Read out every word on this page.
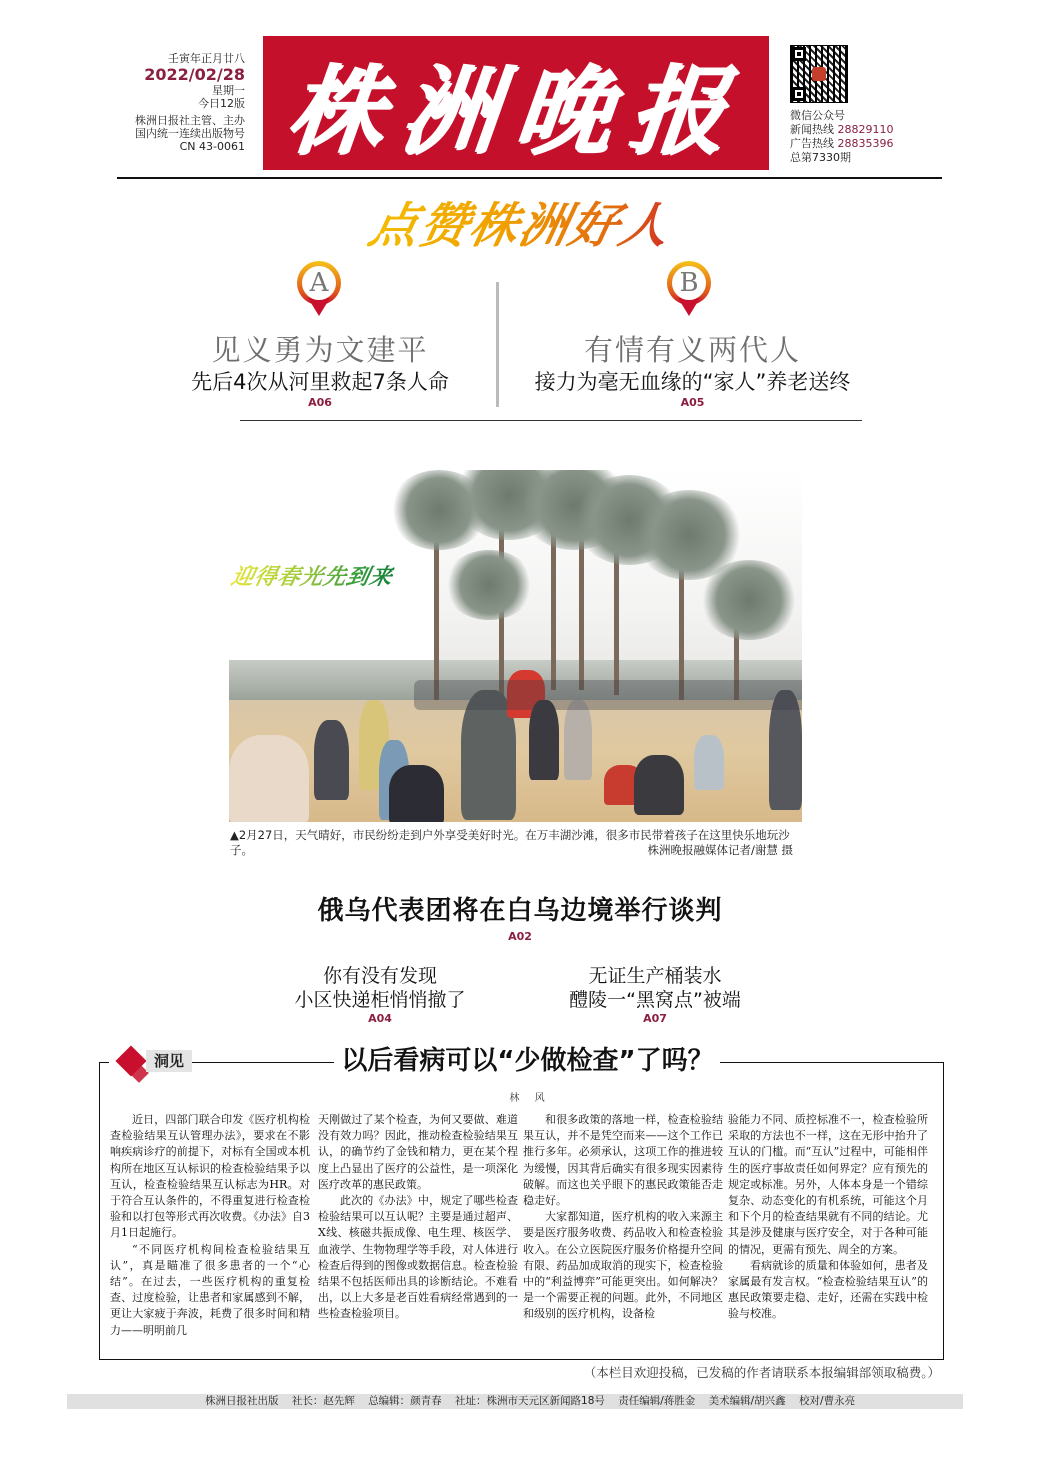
壬寅年正月廿八
2022/02/28
星期一
今日12版
株洲日报社主管、主办
国内统一连续出版物号
CN 43-0061 株洲晚报	微信公众号
新闻热线 28829110
广告热线 28835396
总第7330期
点赞株洲好人
A	B
见义勇为文建平
先后4次从河里救起7条人命
A06
有情有义两代人
接力为毫无血缘的“家人”养老送终
A05
迎得春光先到来
▲2月27日，天气晴好，市民纷纷走到户外享受美好时光。在万丰湖沙滩，很多市民带着孩子在这里快乐地玩沙子。	株洲晚报融媒体记者/谢慧 摄
俄乌代表团将在白乌边境举行谈判
A02
你有没有发现
小区快递柜悄悄撤了
A04
无证生产桶装水
醴陵一“黑窝点”被端
A07
洞见	以后看病可以“少做检查”了吗？
林 风

近日，四部门联合印发《医疗机构检查检验结果互认管理办法》，要求在不影响疾病诊疗的前提下，对标有全国或本机构所在地区互认标识的检查检验结果予以互认，检查检验结果互认标志为HR。对于符合互认条件的，不得重复进行检查检验和以打包等形式再次收费。《办法》自3月1日起施行。

“不同医疗机构间检查检验结果互认”，真是瞄准了很多患者的一个“心结”。在过去，一些医疗机构的重复检查、过度检验，让患者和家属感到不解，更让大家疲于奔波，耗费了很多时间和精力——明明前几

天刚做过了某个检查，为何又要做、难道没有效力吗？因此，推动检查检验结果互认，的确节约了金钱和精力，更在某个程度上凸显出了医疗的公益性，是一项深化医疗改革的惠民政策。

此次的《办法》中，规定了哪些检查检验结果可以互认呢？主要是通过超声、X线、核磁共振成像、电生理、核医学、血液学、生物物理学等手段，对人体进行检查后得到的图像或数据信息。检查检验结果不包括医师出具的诊断结论。不难看出，以上大多是老百姓看病经常遇到的一些检查检验项目。

和很多政策的落地一样，检查检验结果互认，并不是凭空而来——这个工作已推行多年。必须承认，这项工作的推进较为缓慢，因其背后确实有很多现实因素待破解。而这也关乎眼下的惠民政策能否走稳走好。

大家都知道，医疗机构的收入来源主要是医疗服务收费、药品收入和检查检验收入。在公立医院医疗服务价格提升空间有限、药品加成取消的现实下，检查检验中的“利益博弈”可能更突出。如何解决？是一个需要正视的问题。此外，不同地区和级别的医疗机构，设备检

验能力不同、质控标准不一，检查检验所采取的方法也不一样，这在无形中抬升了互认的门槛。而“互认”过程中，可能相伴生的医疗事故责任如何界定？应有预先的规定或标准。另外，人体本身是一个错综复杂、动态变化的有机系统，可能这个月和下个月的检查结果就有不同的结论。尤其是涉及健康与医疗安全，对于各种可能的情况，更需有预先、周全的方案。

看病就诊的质量和体验如何，患者及家属最有发言权。“检查检验结果互认”的惠民政策要走稳、走好，还需在实践中检验与校准。

（本栏目欢迎投稿，已发稿的作者请联系本报编辑部领取稿费。）
株洲日报社出版 社长：赵先辉 总编辑：颜青春 社址：株洲市天元区新闻路18号 责任编辑/蒋胜金 美术编辑/胡兴鑫 校对/曹永亮
